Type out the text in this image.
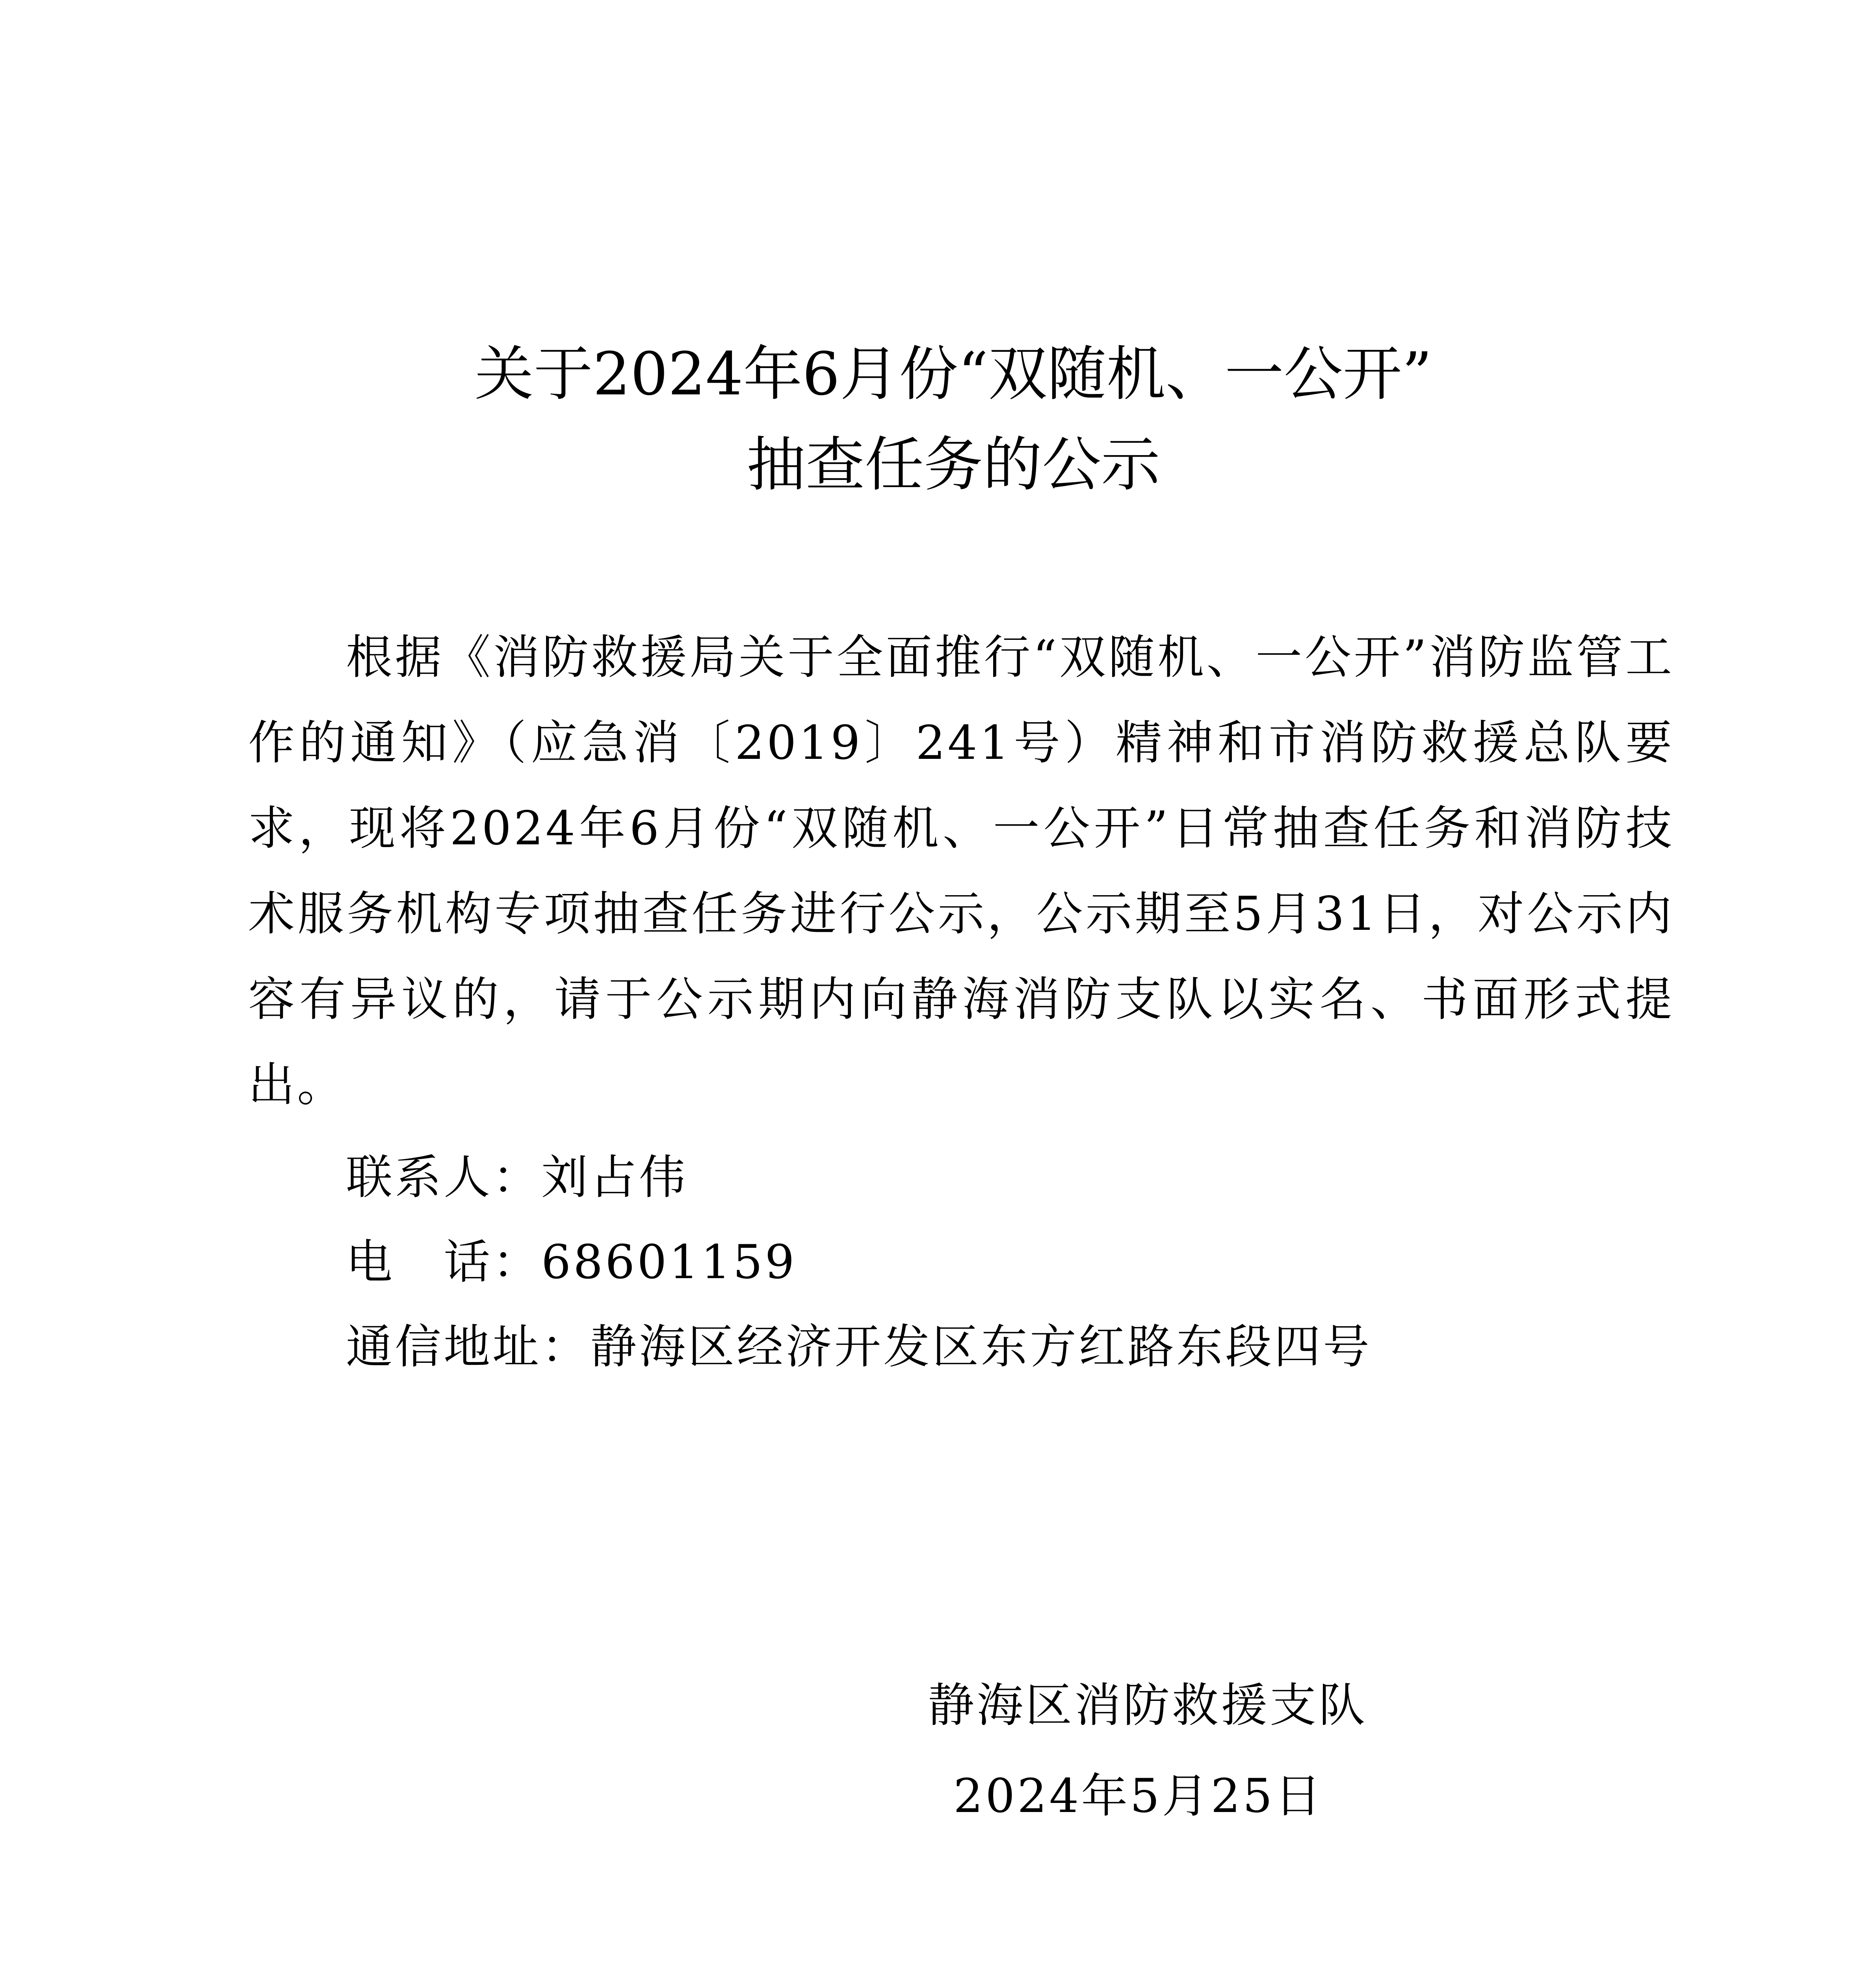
关于2024年6月份“双随机、一公开”
抽查任务的公示

根据《消防救援局关于全面推行“双随机、一公开”消防监管工作的通知》（应急消〔2019〕241号）精神和市消防救援总队要求，现将2024年6月份“双随机、一公开”日常抽查任务和消防技术服务机构专项抽查任务进行公示，公示期至5月31日，对公示内容有异议的，请于公示期内向静海消防支队以实名、书面形式提出。

联系人：刘占伟
电　话：68601159
通信地址：静海区经济开发区东方红路东段四号
静海区消防救援支队
2024年5月25日
